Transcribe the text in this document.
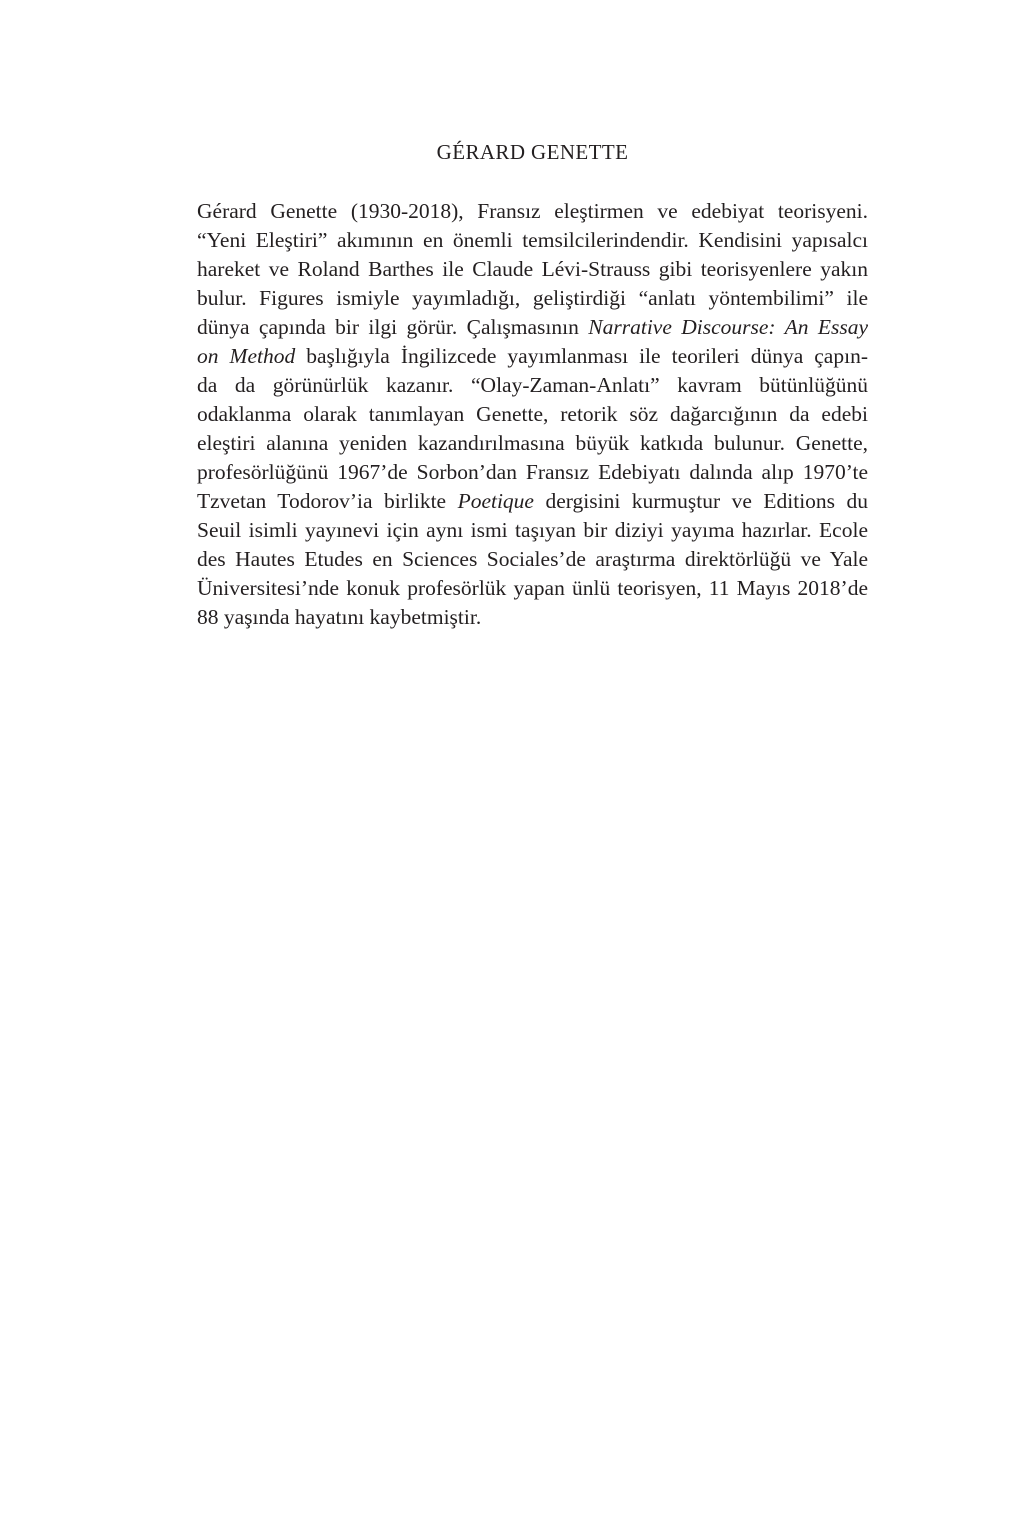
GÉRARD GENETTE
Gérard Genette (1930-2018), Fransız eleştirmen ve edebiyat teorisyeni.
“Yeni Eleştiri” akımının en önemli temsilcilerindendir. Kendisini yapısalcı
hareket ve Roland Barthes ile Claude Lévi-Strauss gibi teorisyenlere yakın
bulur. Figures ismiyle yayımladığı, geliştirdiği “anlatı yöntembilimi” ile
dünya çapında bir ilgi görür. Çalışmasının Narrative Discourse: An Essay
on Method başlığıyla İngilizcede yayımlanması ile teorileri dünya çapın-
da da görünürlük kazanır. “Olay-Zaman-Anlatı” kavram bütünlüğünü
odaklanma olarak tanımlayan Genette, retorik söz dağarcığının da edebi
eleştiri alanına yeniden kazandırılmasına büyük katkıda bulunur. Genette,
profesörlüğünü 1967’de Sorbon’dan Fransız Edebiyatı dalında alıp 1970’te
Tzvetan Todorov’ia birlikte Poetique dergisini kurmuştur ve Editions du
Seuil isimli yayınevi için aynı ismi taşıyan bir diziyi yayıma hazırlar. Ecole
des Hautes Etudes en Sciences Sociales’de araştırma direktörlüğü ve Yale
Üniversitesi’nde konuk profesörlük yapan ünlü teorisyen, 11 Mayıs 2018’de
88 yaşında hayatını kaybetmiştir.
